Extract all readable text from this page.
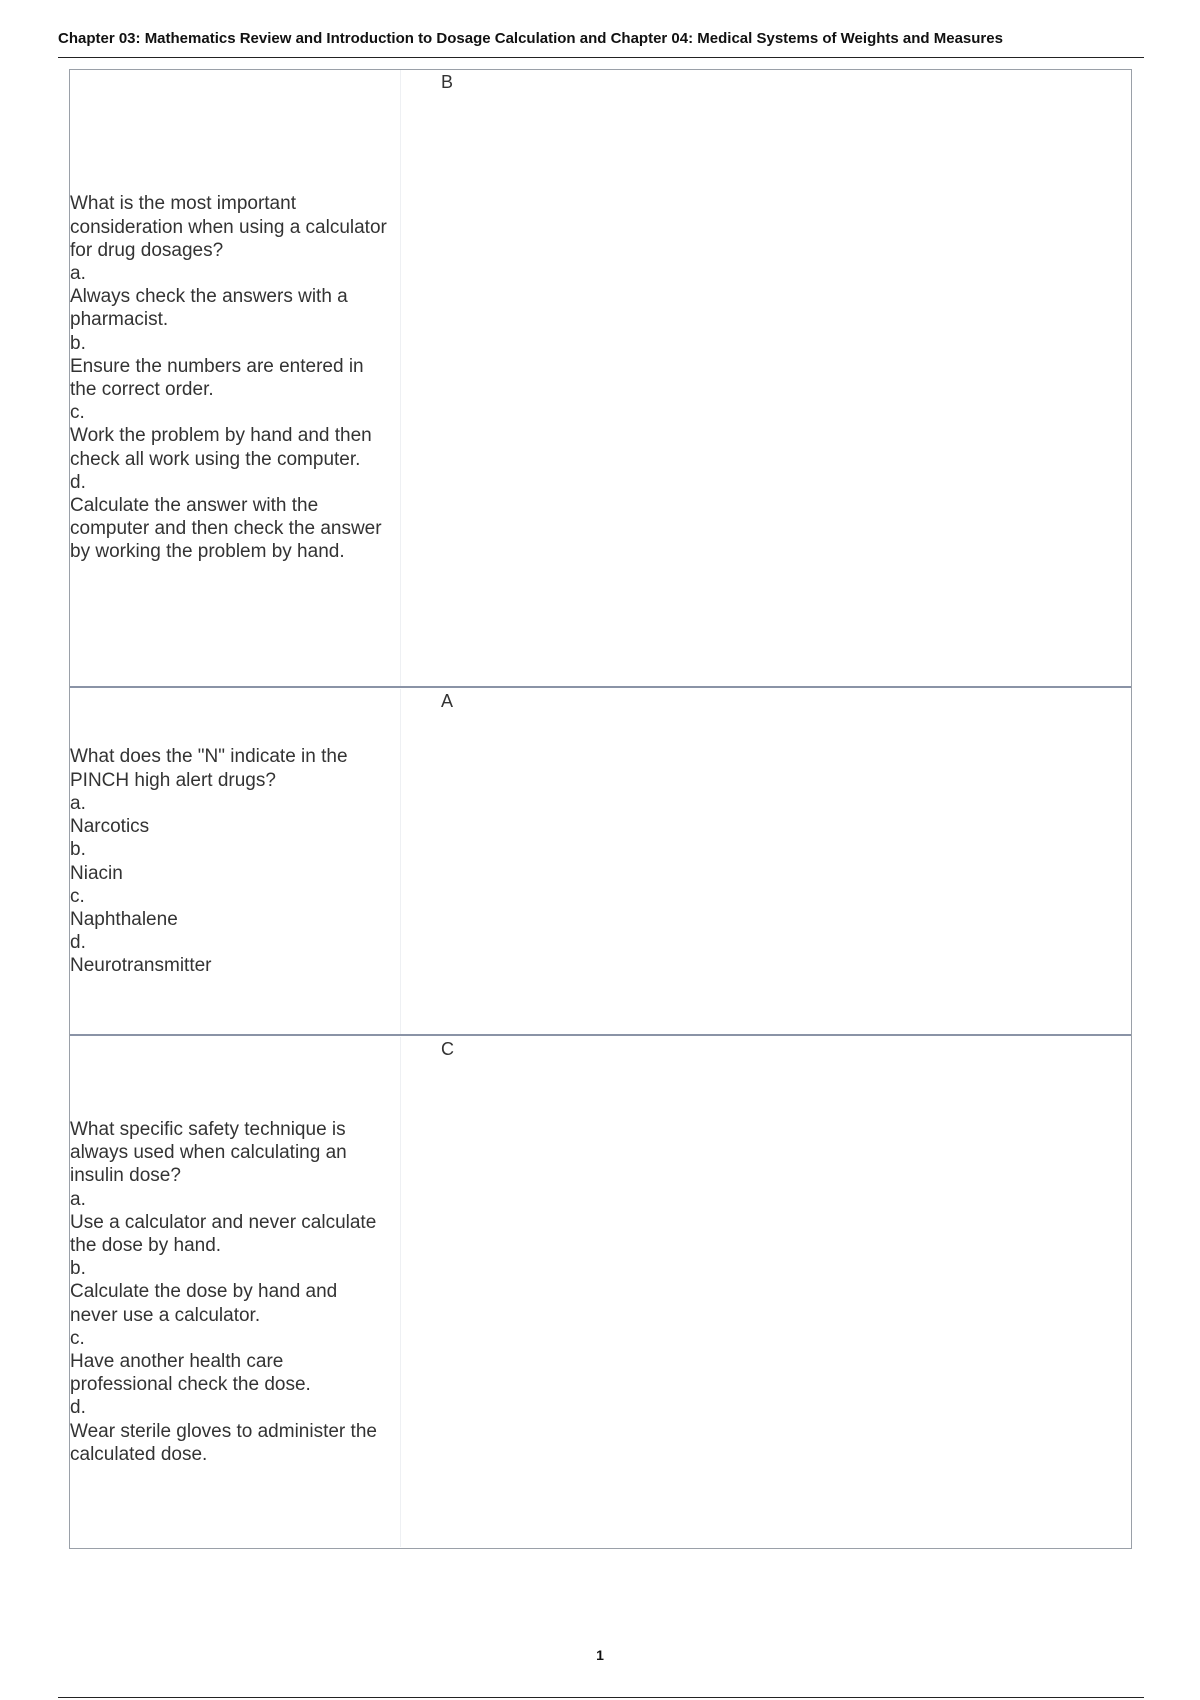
Chapter 03: Mathematics Review and Introduction to Dosage Calculation and Chapter 04: Medical Systems of Weights and Measures
What is the most important consideration when using a calculator for drug dosages?
a.
Always check the answers with a pharmacist.
b.
Ensure the numbers are entered in the correct order.
c.
Work the problem by hand and then check all work using the computer.
d.
Calculate the answer with the computer and then check the answer by working the problem by hand.
B
What does the "N" indicate in the PINCH high alert drugs?
a.
Narcotics
b.
Niacin
c.
Naphthalene
d.
Neurotransmitter
A
What specific safety technique is always used when calculating an insulin dose?
a.
Use a calculator and never calculate the dose by hand.
b.
Calculate the dose by hand and never use a calculator.
c.
Have another health care professional check the dose.
d.
Wear sterile gloves to administer the calculated dose.
C
1
